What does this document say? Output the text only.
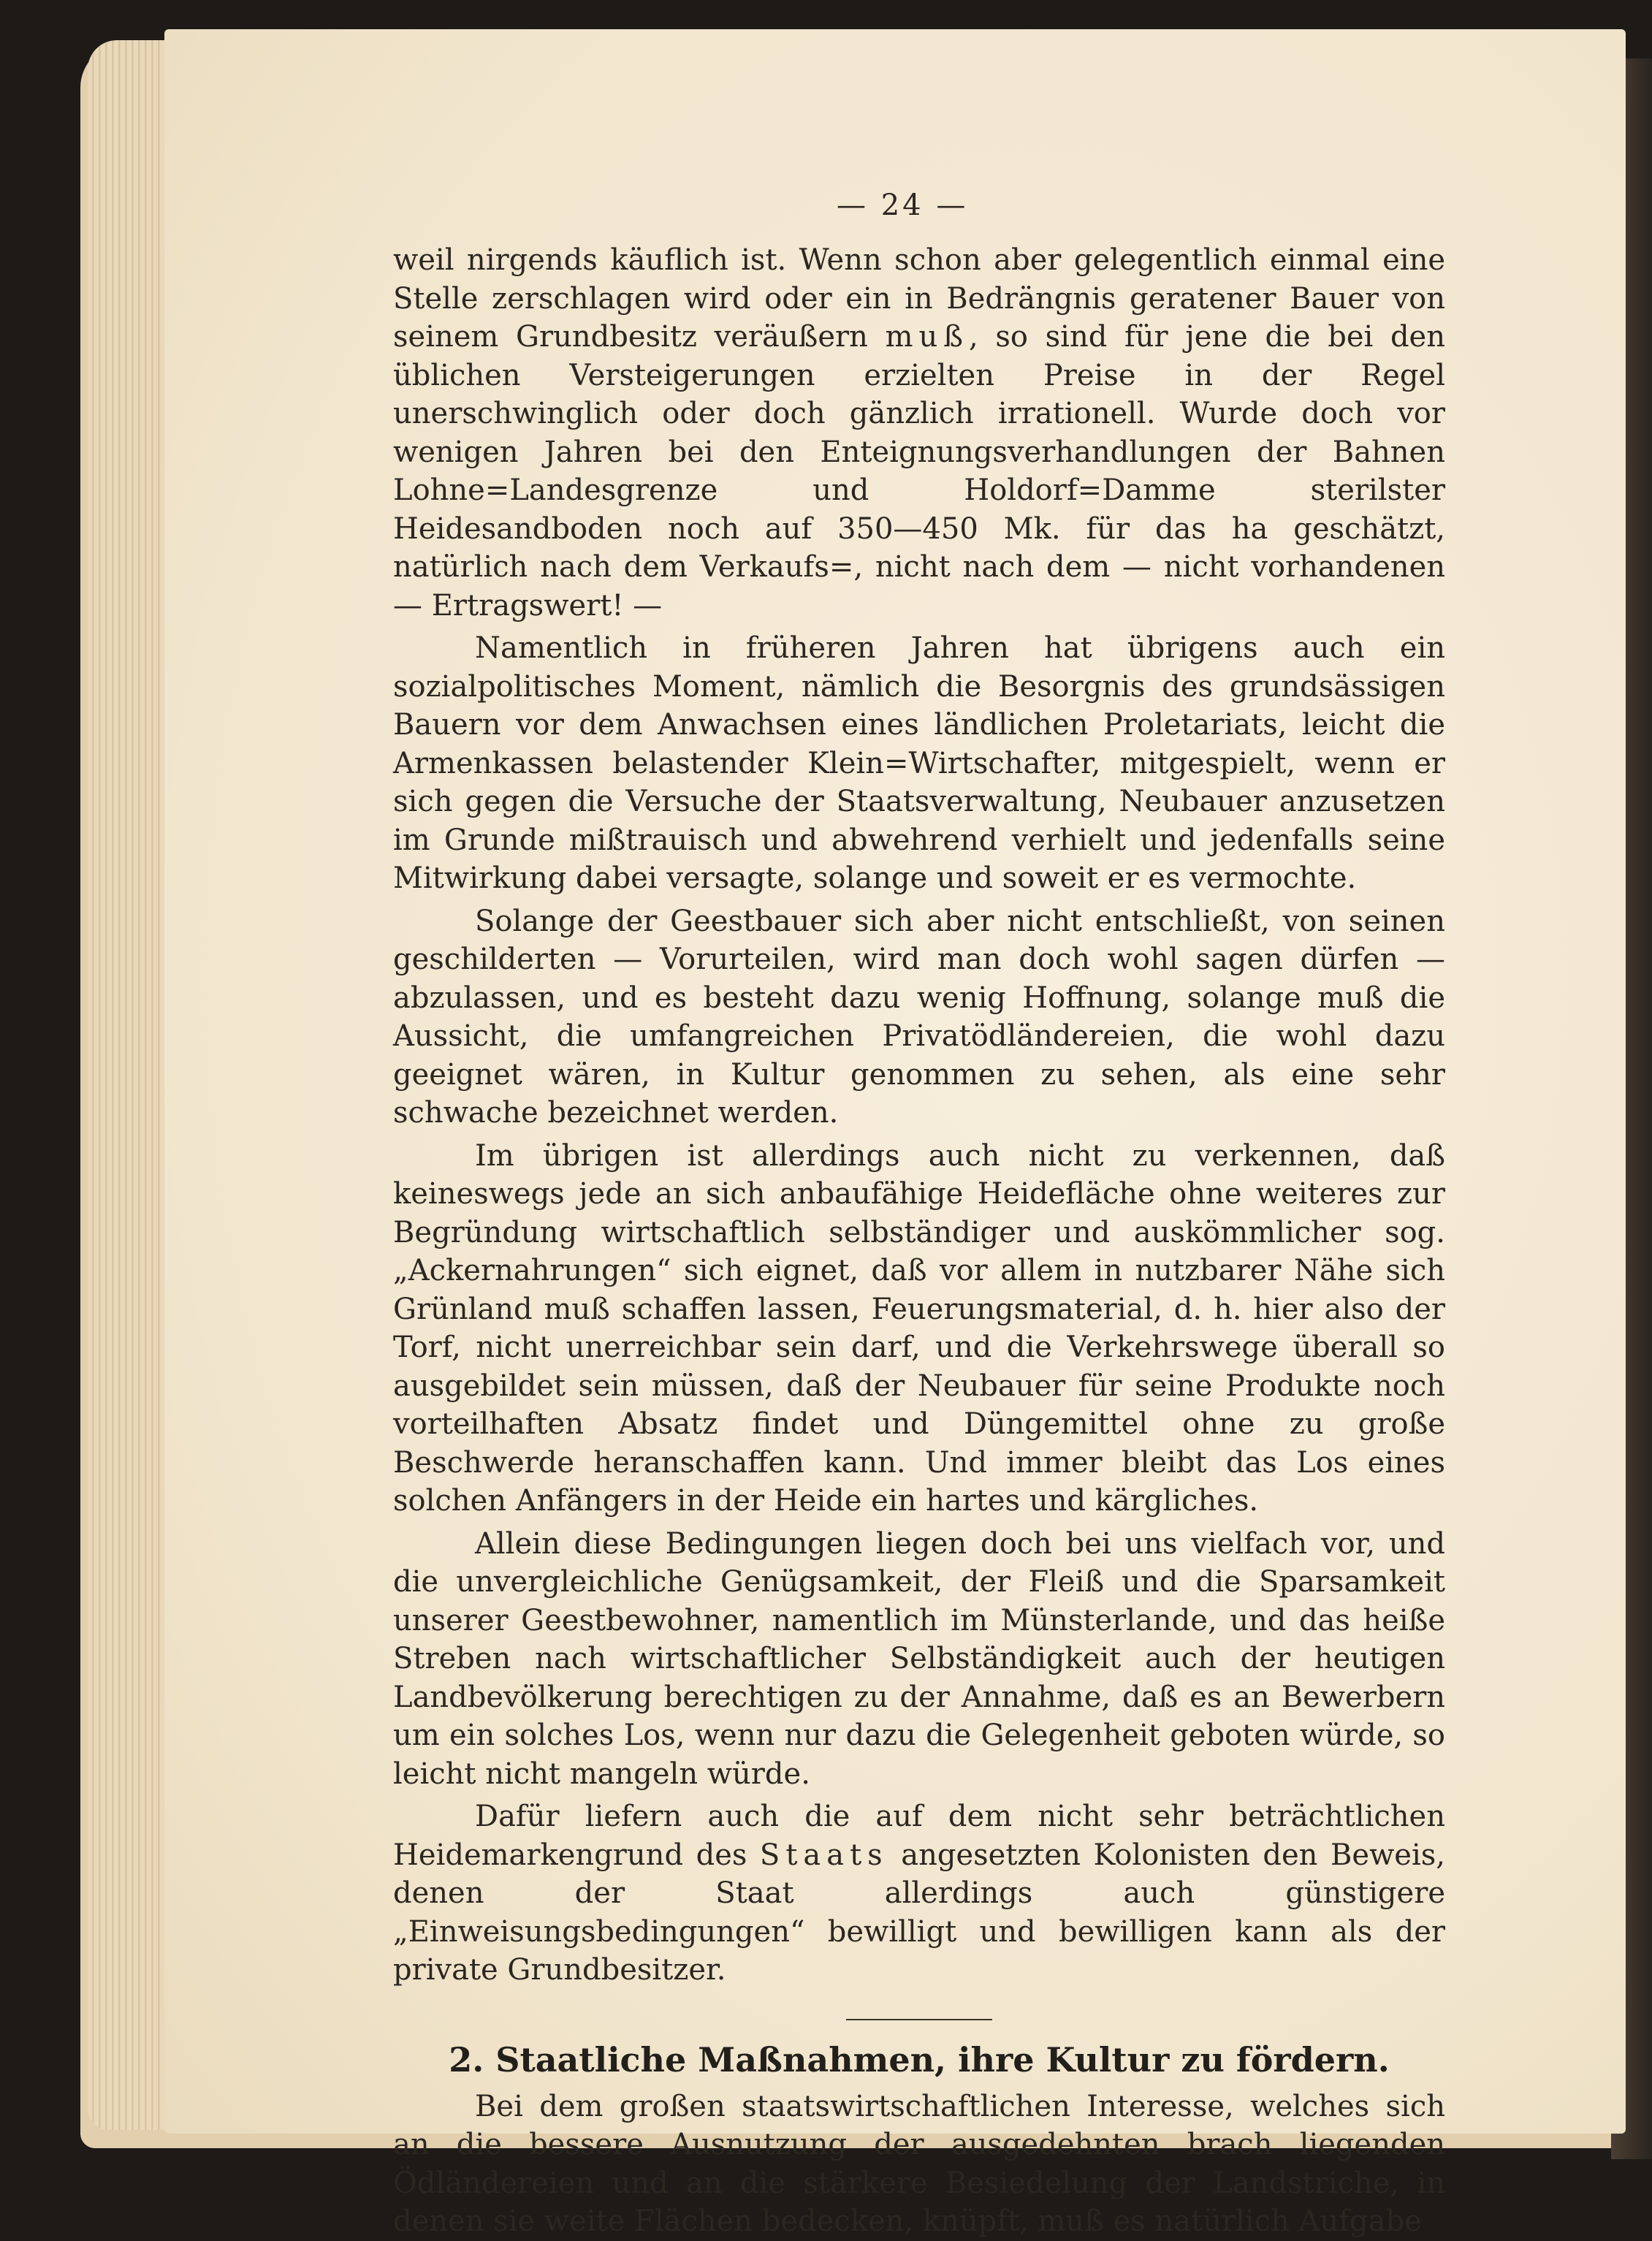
— 24 —

weil nirgends käuflich ist. Wenn schon aber gelegentlich einmal eine Stelle zerschlagen wird oder ein in Bedrängnis geratener Bauer von seinem Grundbesitz veräußern muß, so sind für jene die bei den üblichen Versteigerungen erzielten Preise in der Regel unerschwinglich oder doch gänzlich irrationell. Wurde doch vor wenigen Jahren bei den Enteignungsverhandlungen der Bahnen Lohne=Landesgrenze und Holdorf=Damme sterilster Heidesandboden noch auf 350—450 Mk. für das ha geschätzt, natürlich nach dem Verkaufs=, nicht nach dem — nicht vorhandenen — Ertragswert! —

Namentlich in früheren Jahren hat übrigens auch ein sozialpolitisches Moment, nämlich die Besorgnis des grundsässigen Bauern vor dem Anwachsen eines ländlichen Proletariats, leicht die Armenkassen belastender Klein=Wirtschafter, mitgespielt, wenn er sich gegen die Versuche der Staatsverwaltung, Neubauer anzusetzen im Grunde mißtrauisch und abwehrend verhielt und jedenfalls seine Mitwirkung dabei versagte, solange und soweit er es vermochte.

Solange der Geestbauer sich aber nicht entschließt, von seinen geschilderten — Vorurteilen, wird man doch wohl sagen dürfen — abzulassen, und es besteht dazu wenig Hoffnung, solange muß die Aussicht, die umfangreichen Privatödländereien, die wohl dazu geeignet wären, in Kultur genommen zu sehen, als eine sehr schwache bezeichnet werden.

Im übrigen ist allerdings auch nicht zu verkennen, daß keineswegs jede an sich anbaufähige Heidefläche ohne weiteres zur Begründung wirtschaftlich selbständiger und auskömmlicher sog. „Ackernahrungen“ sich eignet, daß vor allem in nutzbarer Nähe sich Grünland muß schaffen lassen, Feuerungsmaterial, d. h. hier also der Torf, nicht unerreichbar sein darf, und die Verkehrswege überall so ausgebildet sein müssen, daß der Neubauer für seine Produkte noch vorteilhaften Absatz findet und Düngemittel ohne zu große Beschwerde heranschaffen kann. Und immer bleibt das Los eines solchen Anfängers in der Heide ein hartes und kärgliches.

Allein diese Bedingungen liegen doch bei uns vielfach vor, und die unvergleichliche Genügsamkeit, der Fleiß und die Sparsamkeit unserer Geestbewohner, namentlich im Münsterlande, und das heiße Streben nach wirtschaftlicher Selbständigkeit auch der heutigen Landbevölkerung berechtigen zu der Annahme, daß es an Bewerbern um ein solches Los, wenn nur dazu die Gelegenheit geboten würde, so leicht nicht mangeln würde.

Dafür liefern auch die auf dem nicht sehr beträchtlichen Heidemarkengrund des Staats angesetzten Kolonisten den Beweis, denen der Staat allerdings auch günstigere „Einweisungsbedingungen“ bewilligt und bewilligen kann als der private Grundbesitzer.

2. Staatliche Maßnahmen, ihre Kultur zu fördern.

Bei dem großen staatswirtschaftlichen Interesse, welches sich an die bessere Ausnutzung der ausgedehnten brach liegenden Ödländereien und an die stärkere Besiedelung der Landstriche, in denen sie weite Flächen bedecken, knüpft, muß es natürlich Aufgabe
